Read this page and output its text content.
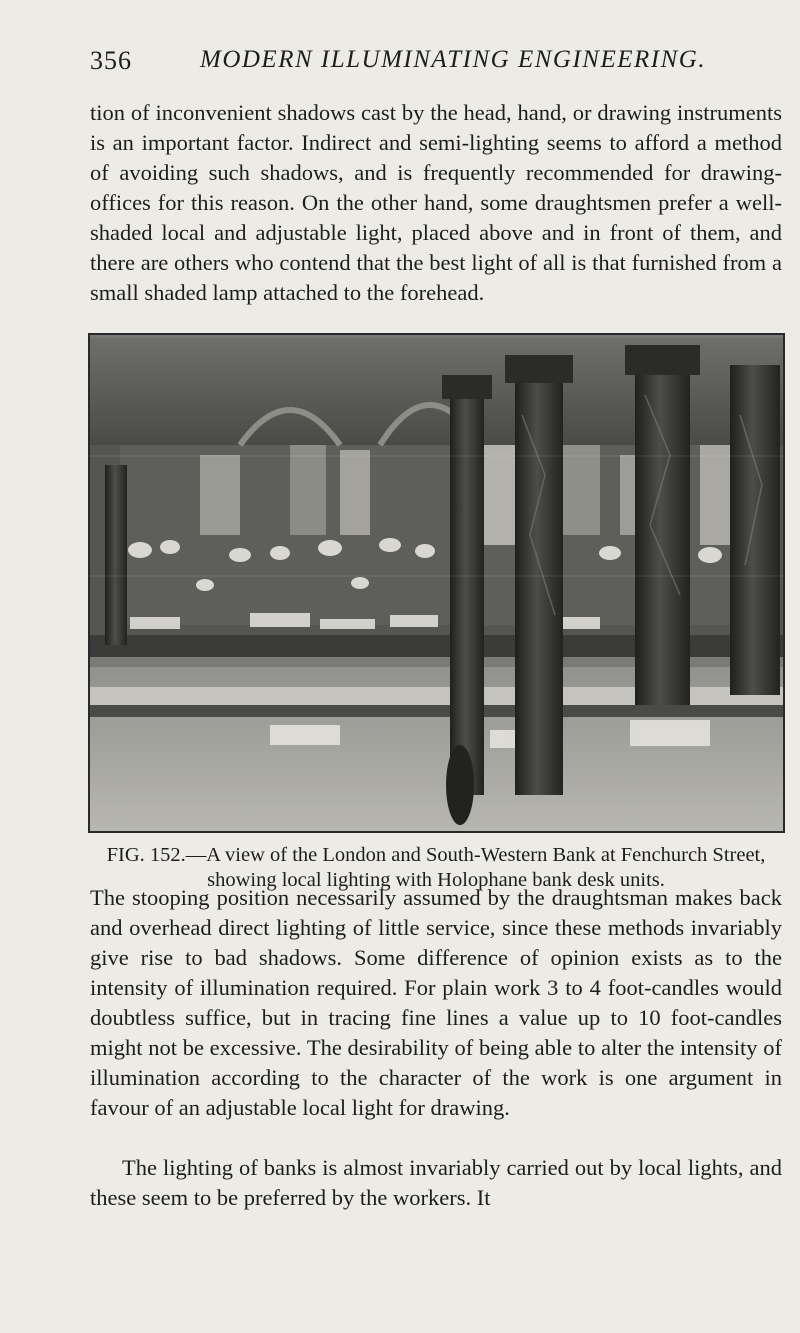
356	MODERN ILLUMINATING ENGINEERING.

tion of inconvenient shadows cast by the head, hand, or drawing instruments is an important factor. Indirect and semi-lighting seems to afford a method of avoiding such shadows, and is frequently recommended for drawing-offices for this reason. On the other hand, some draughtsmen prefer a well-shaded local and adjustable light, placed above and in front of them, and there are others who contend that the best light of all is that furnished from a small shaded lamp attached to the forehead.

FIG. 152.—A view of the London and South-Western Bank at Fenchurch Street, showing local lighting with Holophane bank desk units.

The stooping position necessarily assumed by the draughtsman makes back and overhead direct lighting of little service, since these methods invariably give rise to bad shadows. Some difference of opinion exists as to the intensity of illumination required. For plain work 3 to 4 foot-candles would doubtless suffice, but in tracing fine lines a value up to 10 foot-candles might not be excessive. The desirability of being able to alter the intensity of illumination according to the character of the work is one argument in favour of an adjustable local light for drawing.

The lighting of banks is almost invariably carried out by local lights, and these seem to be preferred by the workers. It
